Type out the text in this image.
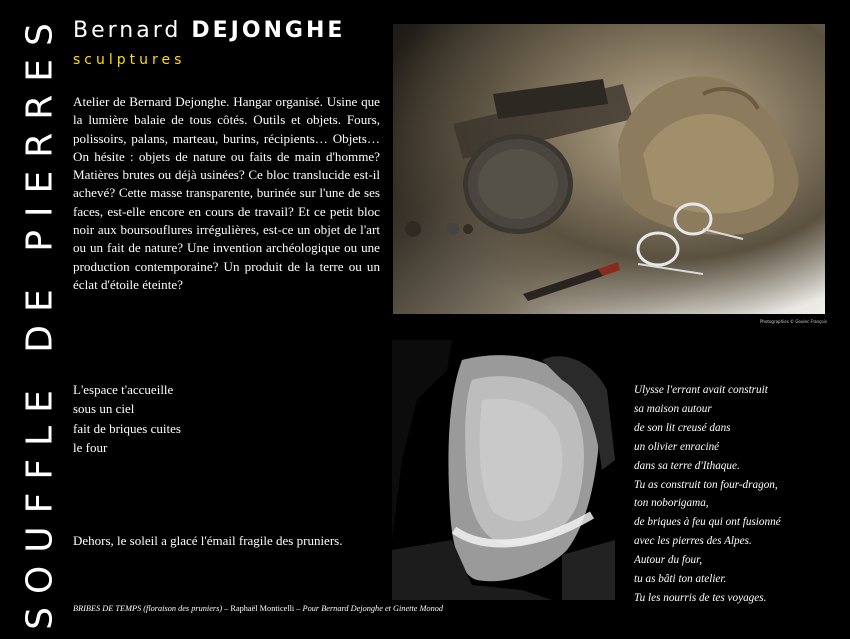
SOUFFLE DE PIERRES Bernard DEJONGHE
sculptures

Atelier de Bernard Dejonghe. Hangar organisé. Usine que la lumière balaie de tous côtés. Outils et objets. Fours, polissoirs, palans, marteau, burins, récipients… Objets… On hésite : objets de nature ou faits de main d'homme? Matières brutes ou déjà usinées? Ce bloc translucide est-il achevé? Cette masse transparente, burinée sur l'une de ses faces, est-elle encore en cours de travail? Et ce petit bloc noir aux boursouflures irrégulières, est-ce un objet de l'art ou un fait de nature? Une invention archéologique ou une production contemporaine? Un produit de la terre ou un éclat d'étoile éteinte?

Photographies © Goulec François
L'espace t'accueille
sous un ciel
fait de briques cuites
le four
Dehors, le soleil a glacé l'émail fragile des pruniers.
Ulysse l'errant avait construit
sa maison autour
de son lit creusé dans
un olivier enraciné
dans sa terre d'Ithaque.
Tu as construit ton four-dragon,
ton noborigama,
de briques à feu qui ont fusionné
avec les pierres des Alpes.
Autour du four,
tu as bâti ton atelier.
Tu les nourris de tes voyages.
BRIBES DE TEMPS (floraison des pruniers) – Raphaël Monticelli – Pour Bernard Dejonghe et Ginette Monod
